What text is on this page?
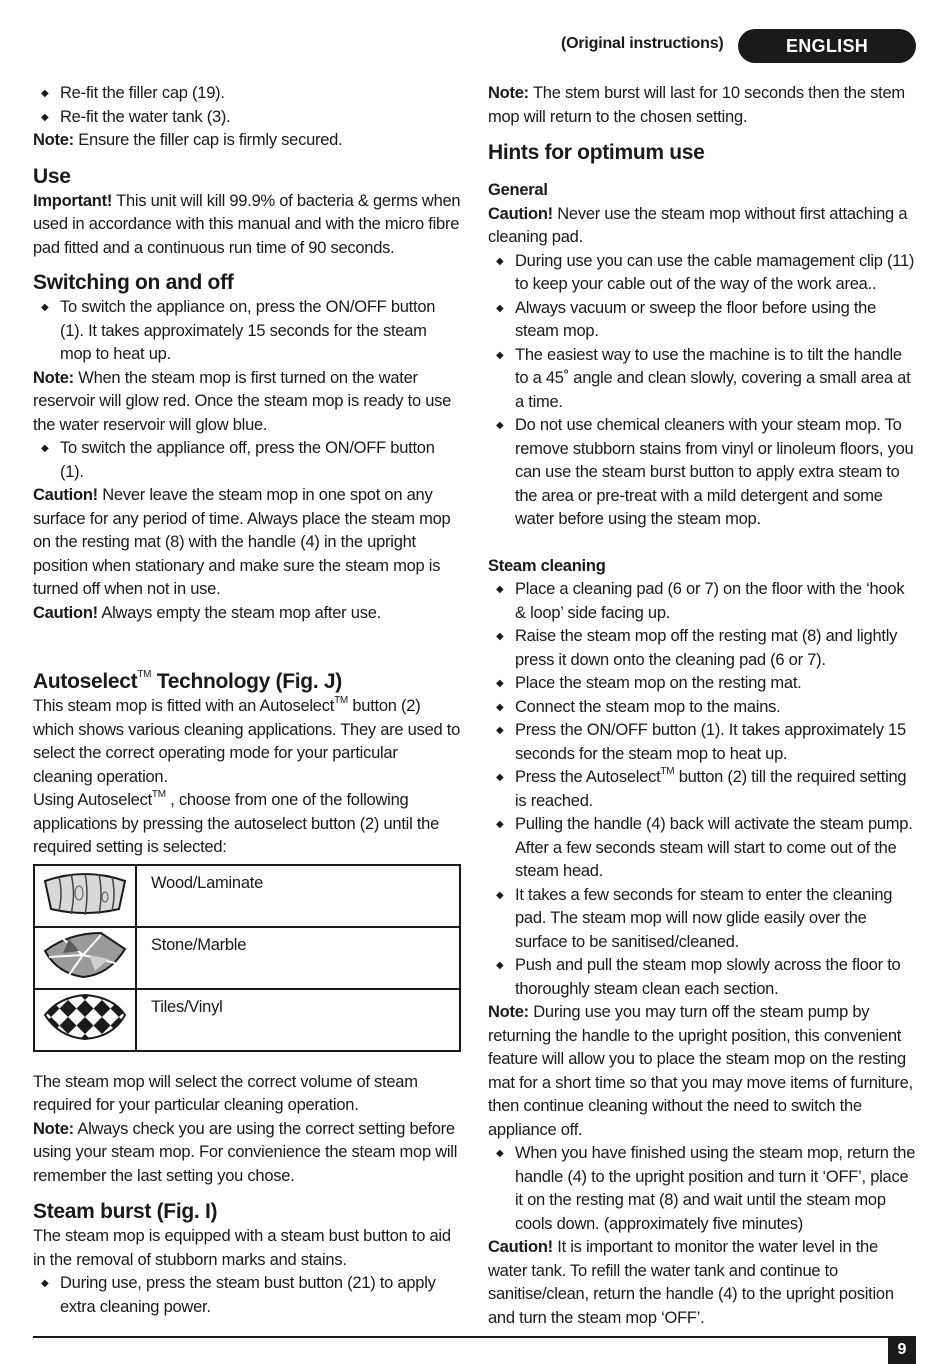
(Original instructions)	ENGLISH
◆ Re-fit the filler cap (19).
◆ Re-fit the water tank (3).

Note: Ensure the filler cap is firmly secured.

Use

Important! This unit will kill 99.9% of bacteria & germs when used in accordance with this manual and with the micro fibre pad fitted and a continuous run time of 90 seconds.

Switching on and off
◆ To switch the appliance on, press the ON/OFF button (1). It takes approximately 15 seconds for the steam mop to heat up.

Note: When the steam mop is first turned on the water reservoir will glow red. Once the steam mop is ready to use the water reservoir will glow blue.

◆ To switch the appliance off, press the ON/OFF button (1).

Caution! Never leave the steam mop in one spot on any surface for any period of time. Always place the steam mop on the resting mat (8) with the handle (4) in the upright position when stationary and make sure the steam mop is turned off when not in use.

Caution! Always empty the steam mop after use.

Autoselect™ Technology (Fig. J)

This steam mop is fitted with an Autoselect™ button (2) which shows various cleaning applications. They are used to select the correct operating mode for your particular cleaning operation.

Using Autoselect™ , choose from one of the following applications by pressing the autoselect button (2) until the required setting is selected:

	Wood/Laminate
	Stone/Marble
	Tiles/Vinyl

The steam mop will select the correct volume of steam required for your particular cleaning operation.

Note: Always check you are using the correct setting before using your steam mop. For convienience the steam mop will remember the last setting you chose.

Steam burst (Fig. I)

The steam mop is equipped with a steam bust button to aid in the removal of stubborn marks and stains.

◆ During use, press the steam bust button (21) to apply extra cleaning power.

Note: The stem burst will last for 10 seconds then the stem mop will return to the chosen setting.

Hints for optimum use
General

Caution! Never use the steam mop without first attaching a cleaning pad.

◆ During use you can use the cable mamagement clip (11) to keep your cable out of the way of the work area..
◆ Always vacuum or sweep the floor before using the steam mop.
◆ The easiest way to use the machine is to tilt the handle to a 45˚ angle and clean slowly, covering a small area at a time.
◆ Do not use chemical cleaners with your steam mop. To remove stubborn stains from vinyl or linoleum floors, you can use the steam burst button to apply extra steam to the area or pre-treat with a mild detergent and some water before using the steam mop.
Steam cleaning
◆ Place a cleaning pad (6 or 7) on the floor with the ‘hook & loop’ side facing up.
◆ Raise the steam mop off the resting mat (8) and lightly press it down onto the cleaning pad (6 or 7).
◆ Place the steam mop on the resting mat.
◆ Connect the steam mop to the mains.
◆ Press the ON/OFF button (1). It takes approximately 15 seconds for the steam mop to heat up.
◆ Press the Autoselect™ button (2) till the required setting is reached.
◆ Pulling the handle (4) back will activate the steam pump. After a few seconds steam will start to come out of the steam head.
◆ It takes a few seconds for steam to enter the cleaning pad. The steam mop will now glide easily over the surface to be sanitised/cleaned.
◆ Push and pull the steam mop slowly across the floor to thoroughly steam clean each section.

Note: During use you may turn off the steam pump by returning the handle to the upright position, this convenient feature will allow you to place the steam mop on the resting mat for a short time so that you may move items of furniture, then continue cleaning without the need to switch the appliance off.

◆ When you have finished using the steam mop, return the handle (4) to the upright position and turn it ‘OFF’, place it on the resting mat (8) and wait until the steam mop cools down. (approximately five minutes)

Caution! It is important to monitor the water level in the water tank. To refill the water tank and continue to sanitise/clean, return the handle (4) to the upright position and turn the steam mop ‘OFF’.

9
